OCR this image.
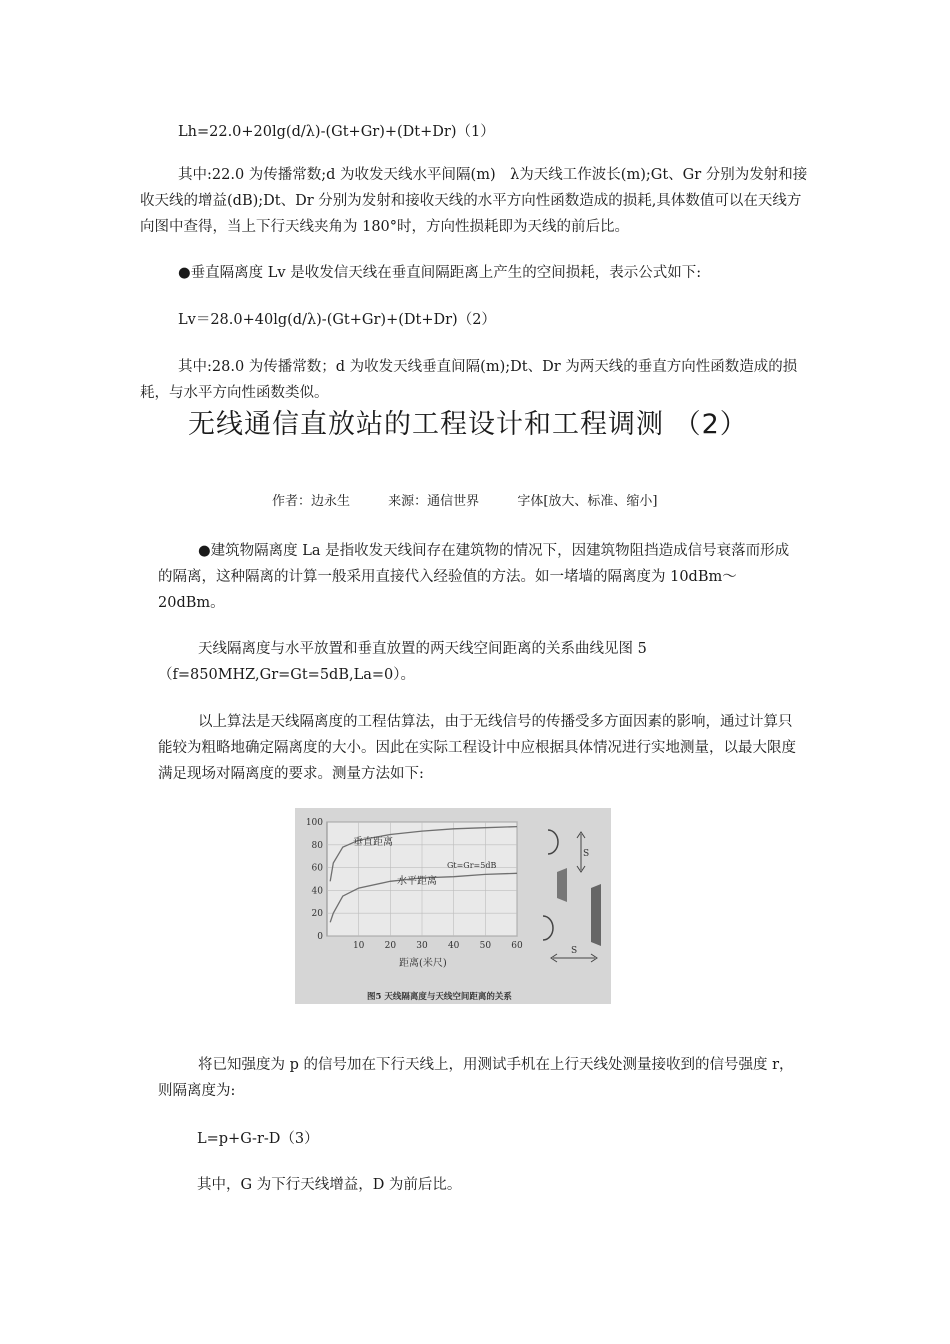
Lh=22.0+20lg(d/λ)-(Gt+Gr)+(Dt+Dr)（1）

其中:22.0 为传播常数;d 为收发天线水平间隔(m)　λ为天线工作波长(m);Gt、Gr 分别为发射和接收天线的增益(dB);Dt、Dr 分别为发射和接收天线的水平方向性函数造成的损耗,具体数值可以在天线方向图中查得，当上下行天线夹角为 180°时，方向性损耗即为天线的前后比。

●垂直隔离度 Lv 是收发信天线在垂直间隔距离上产生的空间损耗，表示公式如下:

Lv＝28.0+40lg(d/λ)-(Gt+Gr)+(Dt+Dr)（2）

其中:28.0 为传播常数；d 为收发天线垂直间隔(m);Dt、Dr 为两天线的垂直方向性函数造成的损耗，与水平方向性函数类似。

无线通信直放站的工程设计和工程调测 （2）
作者：边永生	来源：通信世界	字体[放大、标准、缩小]

●建筑物隔离度 La 是指收发天线间存在建筑物的情况下，因建筑物阻挡造成信号衰落而形成的隔离，这种隔离的计算一般采用直接代入经验值的方法。如一堵墙的隔离度为 10dBm～20dBm。

天线隔离度与水平放置和垂直放置的两天线空间距离的关系曲线见图 5（f=850MHZ,Gr=Gt=5dB,La=0）。

以上算法是天线隔离度的工程估算法，由于无线信号的传播受多方面因素的影响，通过计算只能较为粗略地确定隔离度的大小。因此在实际工程设计中应根据具体情况进行实地测量，以最大限度满足现场对隔离度的要求。测量方法如下:

0
20
40
60
80
100
10 20 30 40 50 60
垂直距离
水平距离
Gt=Gr=5dB
距离(米尺)
S
S
图5 天线隔离度与天线空间距离的关系

将已知强度为 p 的信号加在下行天线上，用测试手机在上行天线处测量接收到的信号强度 r，则隔离度为:

L=p+G-r-D（3）

其中，G 为下行天线增益，D 为前后比。
